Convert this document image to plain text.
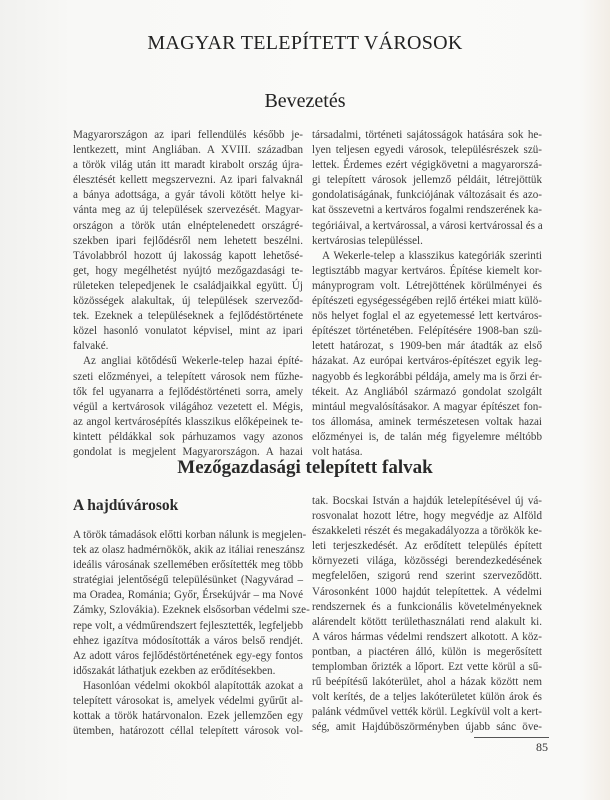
MAGYAR TELEPÍTETT VÁROSOK
Bevezetés
Magyarországon az ipari fellendülés később je-
lentkezett, mint Angliában. A XVIII. században
a török világ után itt maradt kirabolt ország újra-
élesztését kellett megszervezni. Az ipari falvaknál
a bánya adottsága, a gyár távoli kötött helye ki-
vánta meg az új települések szervezését. Magyar-
országon a török után elnéptelenedett országré-
szekben ipari fejlődésről nem lehetett beszélni.
Távolabbról hozott új lakosság kapott lehetősé-
get, hogy megélhetést nyújtó mezőgazdasági te-
rületeken telepedjenek le családjaikkal együtt. Új
közösségek alakultak, új települések szerveződ-
tek. Ezeknek a településeknek a fejlődéstörténete
közel hasonló vonulatot képvisel, mint az ipari
falvaké.
Az angliai kötődésű Wekerle-telep hazai építé-
szeti előzményei, a telepített városok nem fűzhe-
tők fel ugyanarra a fejlődéstörténeti sorra, amely
végül a kertvárosok világához vezetett el. Mégis,
az angol kertvárosépítés klasszikus előképeinek te-
kintett példákkal sok párhuzamos vagy azonos
gondolat is megjelent Magyarországon. A hazai
társadalmi, történeti sajátosságok hatására sok he-
lyen teljesen egyedi városok, településrészek szü-
lettek. Érdemes ezért végigkövetni a magyarorszá-
gi telepített városok jellemző példáit, létrejöttük
gondolatiságának, funkciójának változásait és azo-
kat összevetni a kertváros fogalmi rendszerének ka-
tegóriáival, a kertvárossal, a városi kertvárossal és a
kertvárosias településsel.
A Wekerle-telep a klasszikus kategóriák szerinti
legtisztább magyar kertváros. Építése kiemelt kor-
mányprogram volt. Létrejöttének körülményei és
építészeti egységességében rejlő értékei miatt külö-
nös helyet foglal el az egyetemessé lett kertváros-
építészet történetében. Felépítésére 1908-ban szü-
letett határozat, s 1909-ben már átadták az első
házakat. Az európai kertváros-építészet egyik leg-
nagyobb és legkorábbi példája, amely ma is őrzi ér-
tékeit. Az Angliából származó gondolat szolgált
mintául megvalósításakor. A magyar építészet fon-
tos állomása, aminek természetesen voltak hazai
előzményei is, de talán még figyelemre méltóbb
volt hatása.
Mezőgazdasági telepített falvak
A hajdúvárosok
A török támadások előtti korban nálunk is megjelen-
tek az olasz hadmérnökök, akik az itáliai reneszánsz
ideális városának szellemében erősítették meg több
stratégiai jelentőségű településünket (Nagyvárad –
ma Oradea, Románia; Győr, Érsekújvár – ma Nové
Zámky, Szlovákia). Ezeknek elsősorban védelmi sze-
repe volt, a védműrendszert fejlesztették, legfeljebb
ehhez igazítva módosították a város belső rendjét.
Az adott város fejlődéstörténetének egy-egy fontos
időszakát láthatjuk ezekben az erődítésekben.
Hasonlóan védelmi okokból alapították azokat a
telepített városokat is, amelyek védelmi gyűrűt al-
kottak a török határvonalon. Ezek jellemzően egy
ütemben, határozott céllal telepített városok vol-
tak. Bocskai István a hajdúk letelepítésével új vá-
rosvonalat hozott létre, hogy megvédje az Alföld
északkeleti részét és megakadályozza a törökök ke-
leti terjeszkedését. Az erődített település épített
környezeti világa, közösségi berendezkedésének
megfelelően, szigorú rend szerint szerveződött.
Városonként 1000 hajdút telepítettek. A védelmi
rendszernek és a funkcionális követelményeknek
alárendelt kötött területhasználati rend alakult ki.
A város hármas védelmi rendszert alkotott. A köz-
pontban, a piactéren álló, külön is megerősített
templomban őrizték a lőport. Ezt vette körül a sű-
rű beépítésű lakóterület, ahol a házak között nem
volt kerítés, de a teljes lakóterületet külön árok és
palánk védművel vették körül. Legkívül volt a kert-
ség, amit Hajdúböszörményben újabb sánc öve-
85
